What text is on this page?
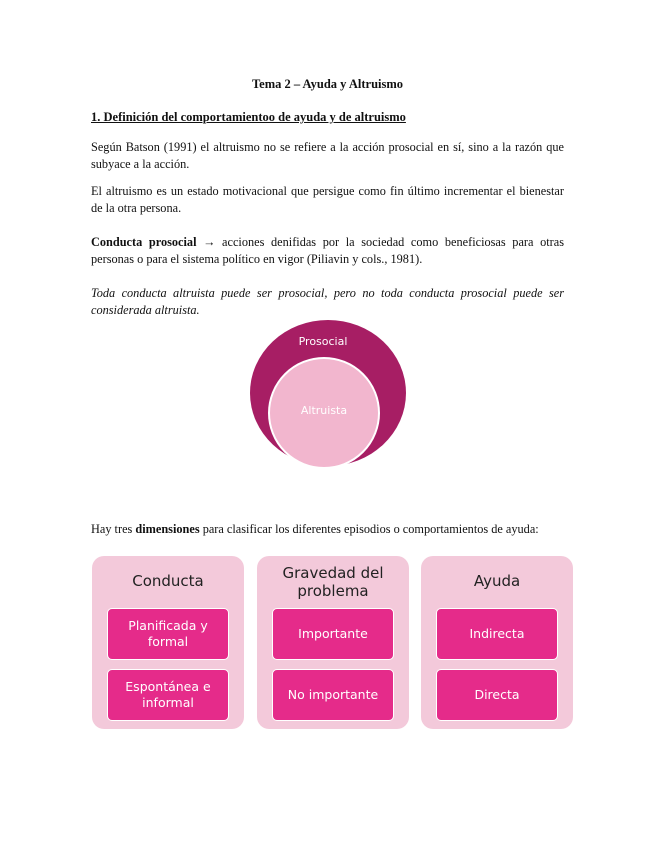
Tema 2 – Ayuda y Altruismo
1. Definición del comportamientoo de ayuda y de altruismo
Según Batson (1991) el altruismo no se refiere a la acción prosocial en sí, sino a la razón que subyace a la acción.
El altruismo es un estado motivacional que persigue como fin último incrementar el bienestar de la otra persona.
Conducta prosocial → acciones denifidas por la sociedad como beneficiosas para otras personas o para el sistema político en vigor (Piliavin y cols., 1981).
Toda conducta altruista puede ser prosocial, pero no toda conducta prosocial puede ser considerada altruista.
Prosocial
Altruista
Hay tres dimensiones para clasificar los diferentes episodios o comportamientos de ayuda:
Conducta
Planificada y formal
Espontánea e informal
Gravedad del problema
Importante
No importante
Ayuda
Indirecta
Directa
